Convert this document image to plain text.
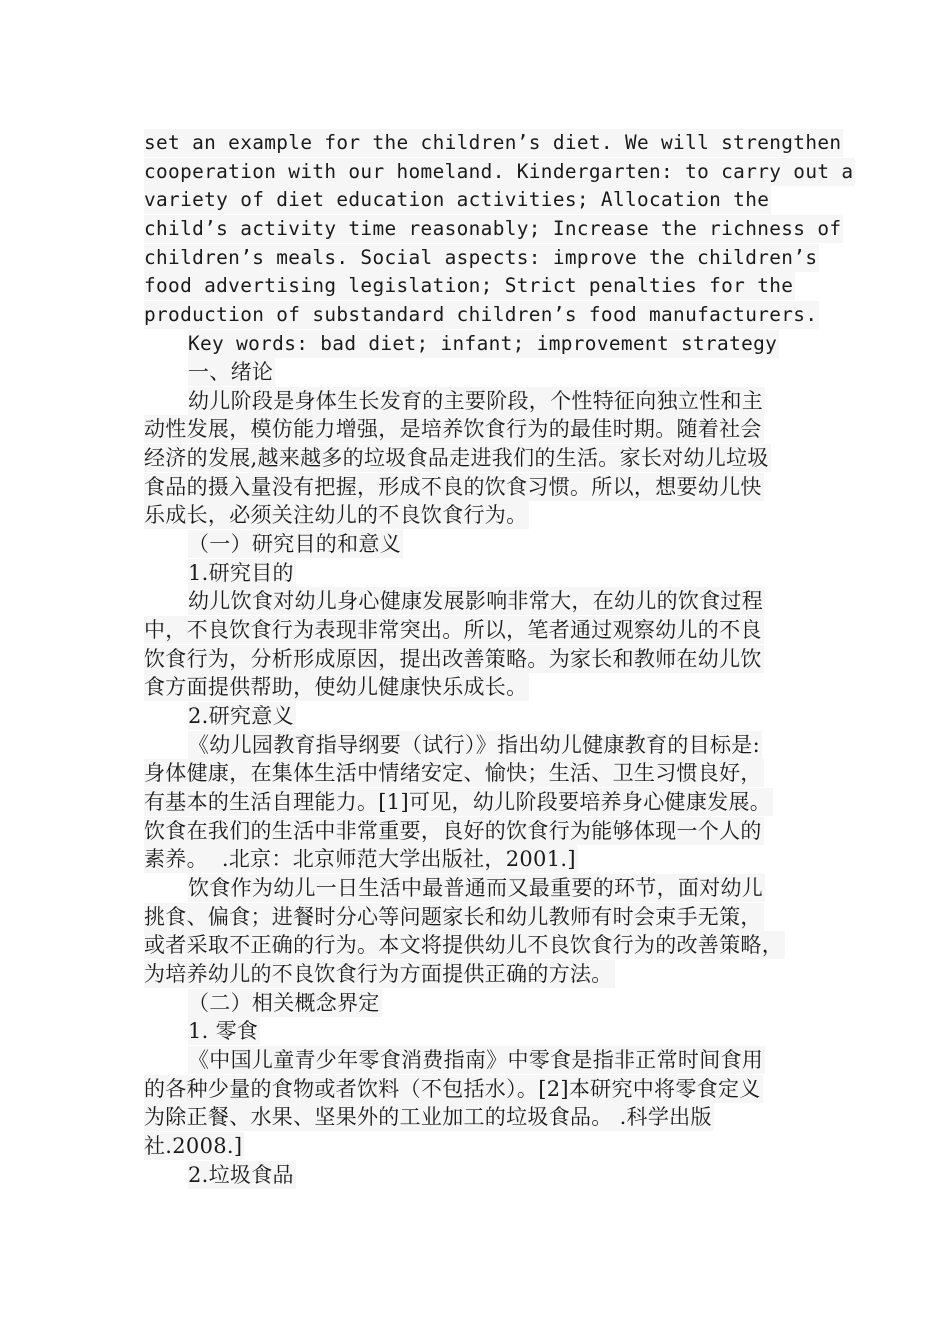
set an example for the children’s diet. We will strengthen
cooperation with our homeland. Kindergarten: to carry out a
variety of diet education activities; Allocation the
child’s activity time reasonably; Increase the richness of
children’s meals. Social aspects: improve the children’s
food advertising legislation; Strict penalties for the
production of substandard children’s food manufacturers.
Key words: bad diet; infant; improvement strategy
一、绪论
幼儿阶段是身体生长发育的主要阶段，个性特征向独立性和主
动性发展，模仿能力增强，是培养饮食行为的最佳时期。随着社会
经济的发展,越来越多的垃圾食品走进我们的生活。家长对幼儿垃圾
食品的摄入量没有把握，形成不良的饮食习惯。所以，想要幼儿快
乐成长，必须关注幼儿的不良饮食行为。
（一）研究目的和意义
1.研究目的
幼儿饮食对幼儿身心健康发展影响非常大，在幼儿的饮食过程
中，不良饮食行为表现非常突出。所以，笔者通过观察幼儿的不良
饮食行为，分析形成原因，提出改善策略。为家长和教师在幼儿饮
食方面提供帮助，使幼儿健康快乐成长。
2.研究意义
《幼儿园教育指导纲要（试行）》指出幼儿健康教育的目标是:
身体健康，在集体生活中情绪安定、愉快；生活、卫生习惯良好，
有基本的生活自理能力。[1]可见，幼儿阶段要培养身心健康发展。
饮食在我们的生活中非常重要，良好的饮食行为能够体现一个人的
素养。  .北京：北京师范大学出版社，2001.]
饮食作为幼儿一日生活中最普通而又最重要的环节，面对幼儿
挑食、偏食；进餐时分心等问题家长和幼儿教师有时会束手无策，
或者采取不正确的行为。本文将提供幼儿不良饮食行为的改善策略，
为培养幼儿的不良饮食行为方面提供正确的方法。
（二）相关概念界定
1. 零食
《中国儿童青少年零食消费指南》中零食是指非正常时间食用
的各种少量的食物或者饮料（不包括水）。[2]本研究中将零食定义
为除正餐、水果、坚果外的工业加工的垃圾食品。 .科学出版
社.2008.]
2.垃圾食品
